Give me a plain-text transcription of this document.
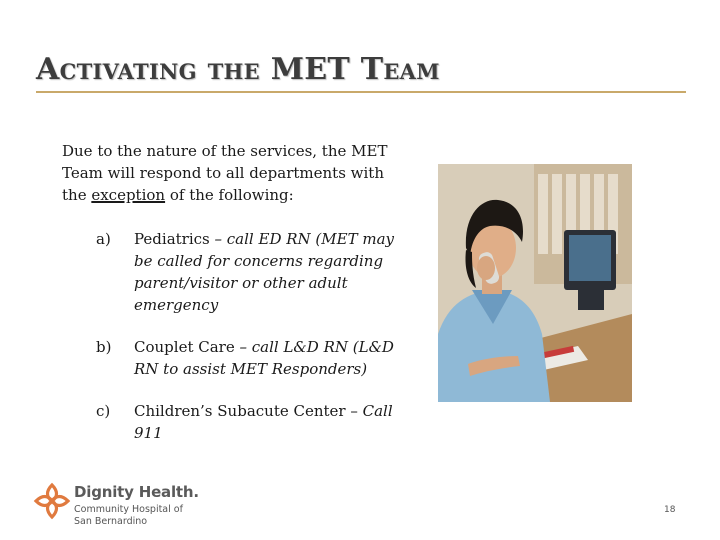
Activating the MET Team

Due to the nature of the services, the MET Team will respond to all departments with the exception of the following:

a) Pediatrics – call ED RN (MET may be called for concerns regarding parent/visitor or other adult emergency
b) Couplet Care – call L&D RN (L&D RN to assist MET Responders)
c) Children’s Subacute Center – Call 911

Dignity Health.

Community Hospital of
San Bernardino

18
